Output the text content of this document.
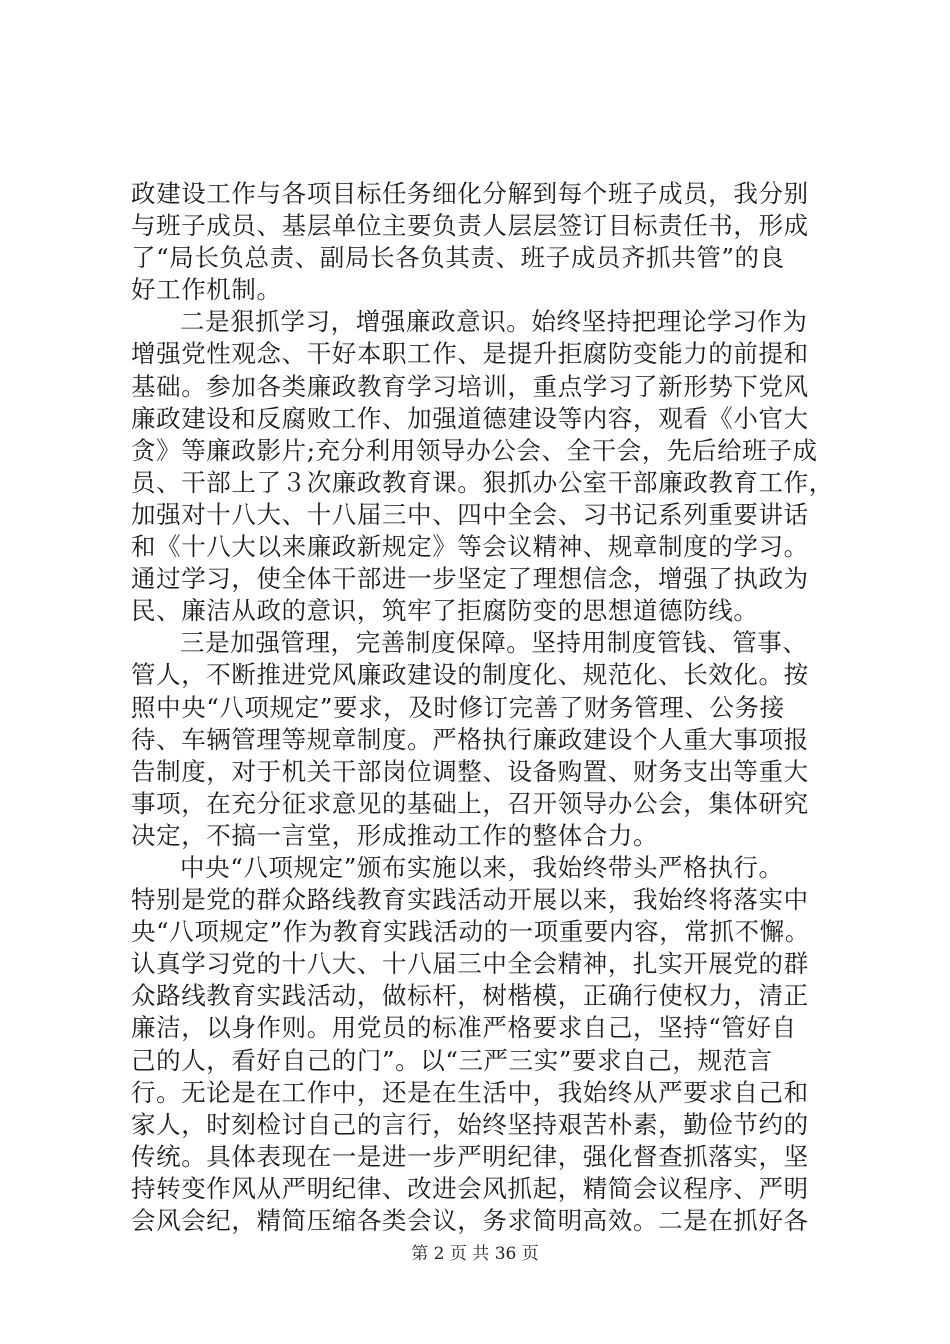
政建设工作与各项目标任务细化分解到每个班子成员，我分别
与班子成员、基层单位主要负责人层层签订目标责任书，形成
了“局长负总责、副局长各负其责、班子成员齐抓共管”的良
好工作机制。
二是狠抓学习，增强廉政意识。始终坚持把理论学习作为
增强党性观念、干好本职工作、是提升拒腐防变能力的前提和
基础。参加各类廉政教育学习培训，重点学习了新形势下党风
廉政建设和反腐败工作、加强道德建设等内容，观看《小官大
贪》等廉政影片;充分利用领导办公会、全干会，先后给班子成
员、干部上了３次廉政教育课。狠抓办公室干部廉政教育工作，
加强对十八大、十八届三中、四中全会、习书记系列重要讲话
和《十八大以来廉政新规定》等会议精神、规章制度的学习。
通过学习，使全体干部进一步坚定了理想信念，增强了执政为
民、廉洁从政的意识，筑牢了拒腐防变的思想道德防线。
三是加强管理，完善制度保障。坚持用制度管钱、管事、
管人，不断推进党风廉政建设的制度化、规范化、长效化。按
照中央“八项规定”要求，及时修订完善了财务管理、公务接
待、车辆管理等规章制度。严格执行廉政建设个人重大事项报
告制度，对于机关干部岗位调整、设备购置、财务支出等重大
事项，在充分征求意见的基础上，召开领导办公会，集体研究
决定，不搞一言堂，形成推动工作的整体合力。
中央“八项规定”颁布实施以来，我始终带头严格执行。
特别是党的群众路线教育实践活动开展以来，我始终将落实中
央“八项规定”作为教育实践活动的一项重要内容，常抓不懈。
认真学习党的十八大、十八届三中全会精神，扎实开展党的群
众路线教育实践活动，做标杆，树楷模，正确行使权力，清正
廉洁，以身作则。用党员的标准严格要求自己，坚持“管好自
己的人，看好自己的门”。以“三严三实”要求自己，规范言
行。无论是在工作中，还是在生活中，我始终从严要求自己和
家人，时刻检讨自己的言行，始终坚持艰苦朴素，勤俭节约的
传统。具体表现在一是进一步严明纪律，强化督查抓落实，坚
持转变作风从严明纪律、改进会风抓起，精简会议程序、严明
会风会纪，精简压缩各类会议，务求简明高效。二是在抓好各
第 2 页 共 36 页
